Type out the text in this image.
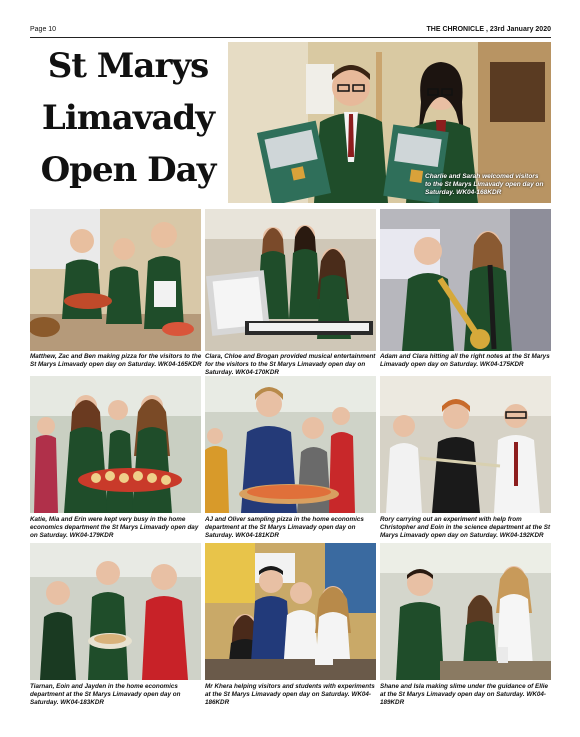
Page 10	THE CHRONICLE , 23rd January 2020
St Marys
Limavady
Open Day	Charlie and Sarah welcomed visitors to the St Marys Limavady open day on Saturday. WK04-168KDR
Matthew, Zac and Ben making pizza for the visitors to the St Marys Limavady open day on Saturday. WK04-165KDR
Clara, Chloe and Brogan provided musical entertainment for the visitors to the St Marys Limavady open day on Saturday. WK04-170KDR
Adam and Clara hitting all the right notes at the St Marys Limavady open day on Saturday. WK04-175KDR
Katie, Mia and Erin were kept very busy in the home economics department the St Marys Limavady open day on Saturday. WK04-179KDR
AJ and Oliver sampling pizza in the home economics department at the St Marys Limavady open day on Saturday. WK04-181KDR
Rory carrying out an experiment with help from Christopher and Eoin in the science department at the St Marys Limavady open day on Saturday. WK04-192KDR
Tiarnan, Eoin and Jayden in the home economics department at the St Marys Limavady open day on Saturday. WK04-183KDR
Mr Khera helping visitors and students with experiments at the St Marys Limavady open day on Saturday. WK04-186KDR
Shane and Isla making slime under the guidance of Ellie at the St Marys Limavady open day on Saturday. WK04-189KDR
